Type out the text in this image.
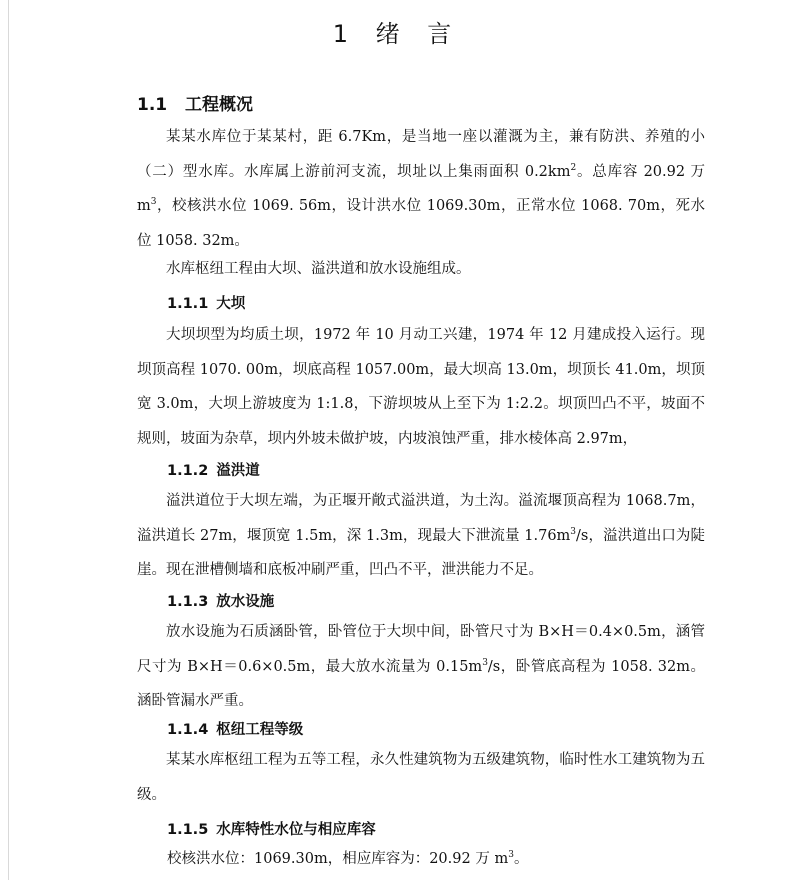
1 绪 言
1.1 工程概况

某某水库位于某某村，距 6.7Km，是当地一座以灌溉为主，兼有防洪、养殖的小（二）型水库。水库属上游前河支流，坝址以上集雨面积 $0.2km^2$。总库容 20.92 万 $m^3$，校核洪水位 1069. 56m，设计洪水位 1069.30m，正常水位 1068. 70m，死水位 1058. 32m。

水库枢纽工程由大坝、溢洪道和放水设施组成。

1.1.1 大坝

大坝坝型为均质土坝，1972 年 10 月动工兴建，1974 年 12 月建成投入运行。现坝顶高程 1070. 00m，坝底高程 1057.00m，最大坝高 13.0m，坝顶长 41.0m，坝顶宽 3.0m，大坝上游坡度为 1:1.8，下游坝坡从上至下为 1:2.2。坝顶凹凸不平，坡面不规则，坡面为杂草，坝内外坡未做护坡，内坡浪蚀严重，排水棱体高 2.97m，

1.1.2 溢洪道

溢洪道位于大坝左端，为正堰开敞式溢洪道，为土沟。溢流堰顶高程为 1068.7m，溢洪道长 27m，堰顶宽 1.5m，深 1.3m，现最大下泄流量 $1.76m^3/s$，溢洪道出口为陡崖。现在泄槽侧墙和底板冲刷严重，凹凸不平，泄洪能力不足。

1.1.3 放水设施

放水设施为石质涵卧管，卧管位于大坝中间，卧管尺寸为 B×H＝0.4×0.5m，涵管尺寸为 B×H＝0.6×0.5m，最大放水流量为 $0.15m^3/s$，卧管底高程为 1058. 32m。涵卧管漏水严重。

1.1.4 枢纽工程等级

某某水库枢纽工程为五等工程，永久性建筑物为五级建筑物，临时性水工建筑物为五级。

1.1.5 水库特性水位与相应库容

校核洪水位：1069.30m，相应库容为：20.92 万 $m^3$。
